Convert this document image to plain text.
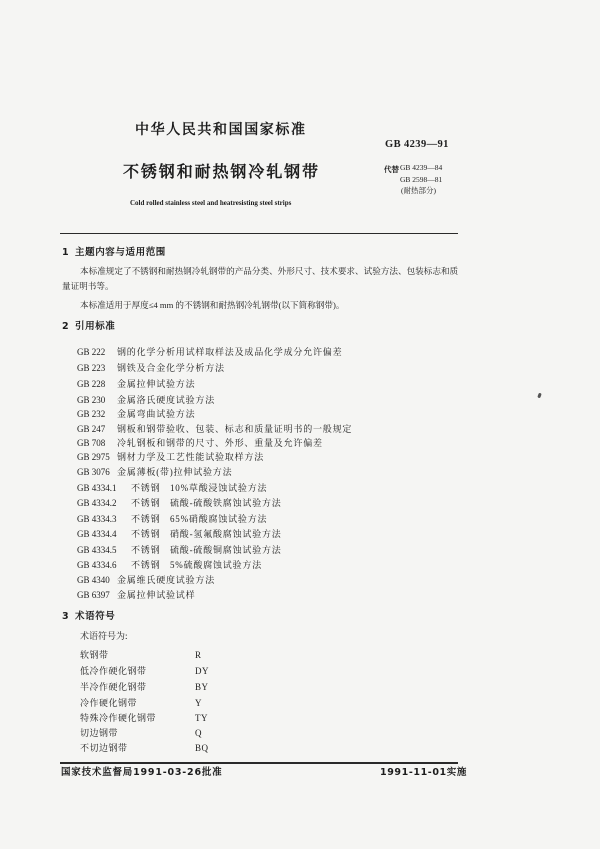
中华人民共和国国家标准
GB 4239—91
不锈钢和耐热钢冷轧钢带	代替 GB 4239—84
GB 2598—81
(耐热部分)
Cold rolled stainless steel and heatresisting steel strips
1 主题内容与适用范围
本标准规定了不锈钢和耐热钢冷轧钢带的产品分类、外形尺寸、技术要求、试验方法、包装标志和质
量证明书等。
本标准适用于厚度≤4 mm 的不锈钢和耐热钢冷轧钢带(以下简称钢带)。
2 引用标准
GB 222 钢的化学分析用试样取样法及成品化学成分允许偏差
GB 223 钢铁及合金化学分析方法
GB 228 金属拉伸试验方法
GB 230 金属洛氏硬度试验方法
GB 232 金属弯曲试验方法
GB 247 钢板和钢带验收、包装、标志和质量证明书的一般规定
GB 708 冷轧钢板和钢带的尺寸、外形、重量及允许偏差
GB 2975 钢材力学及工艺性能试验取样方法
GB 3076 金属薄板(带)拉伸试验方法
GB 4334.1 不锈钢 10%草酸浸蚀试验方法
GB 4334.2 不锈钢 硫酸-硫酸铁腐蚀试验方法
GB 4334.3 不锈钢 65%硝酸腐蚀试验方法
GB 4334.4 不锈钢 硝酸-氢氟酸腐蚀试验方法
GB 4334.5 不锈钢 硫酸-硫酸铜腐蚀试验方法
GB 4334.6 不锈钢 5%硫酸腐蚀试验方法
GB 4340 金属维氏硬度试验方法
GB 6397 金属拉伸试验试样
3 术语符号
术语符号为:
软钢带	R
低冷作硬化钢带	DY
半冷作硬化钢带	BY
冷作硬化钢带	Y
特殊冷作硬化钢带	TY
切边钢带	Q
不切边钢带	BQ
国家技术监督局1991-03-26批准	1991-11-01实施
